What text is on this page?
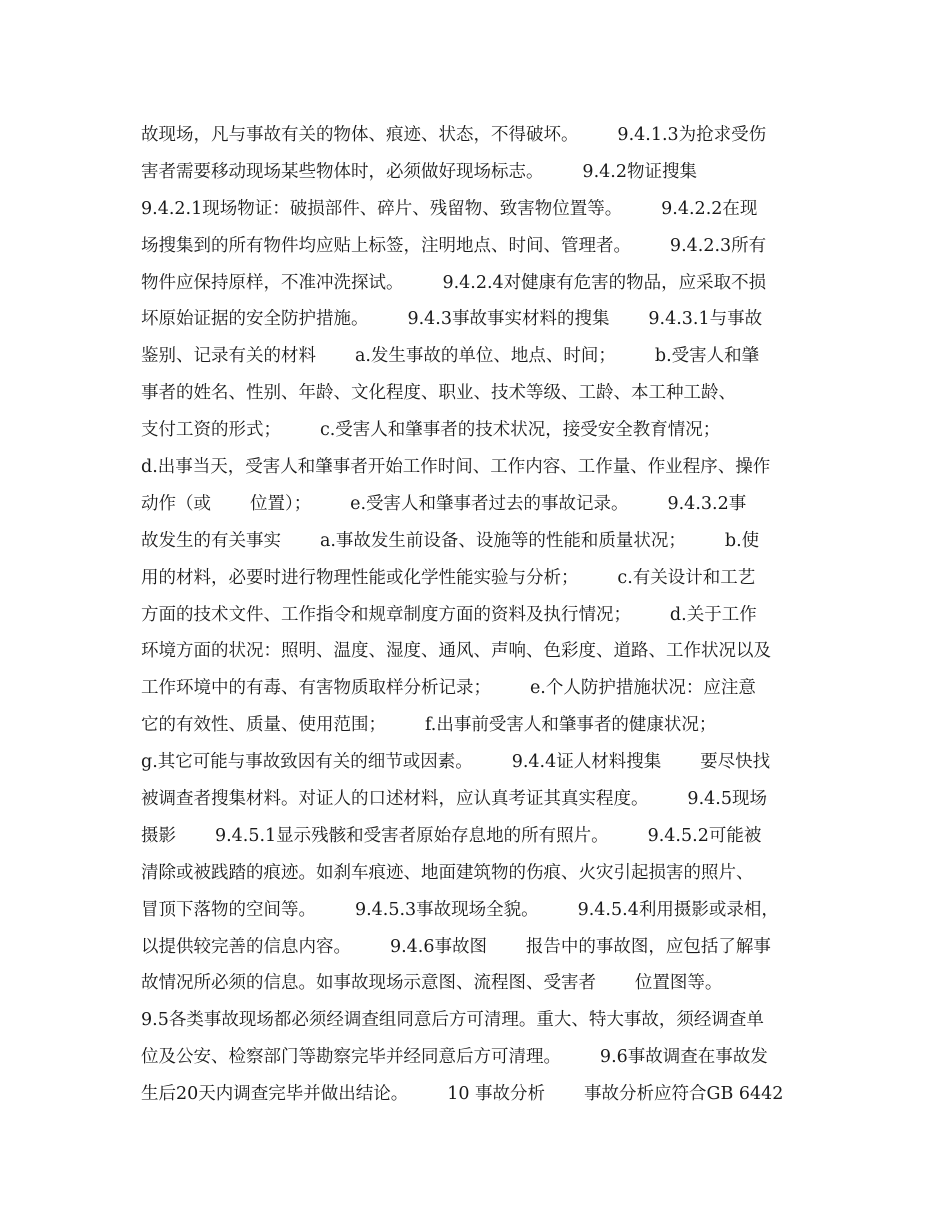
故现场，凡与事故有关的物体、痕迹、状态，不得破坏。       9.4.1.3为抢求受伤
害者需要移动现场某些物体时，必须做好现场标志。       9.4.2物证搜集
9.4.2.1现场物证：破损部件、碎片、残留物、致害物位置等。       9.4.2.2在现
场搜集到的所有物件均应贴上标签，注明地点、时间、管理者。       9.4.2.3所有
物件应保持原样，不准冲洗探试。       9.4.2.4对健康有危害的物品，应采取不损
坏原始证据的安全防护措施。       9.4.3事故事实材料的搜集       9.4.3.1与事故
鉴别、记录有关的材料       a.发生事故的单位、地点、时间；       b.受害人和肇
事者的姓名、性别、年龄、文化程度、职业、技术等级、工龄、本工种工龄、
支付工资的形式；       c.受害人和肇事者的技术状况，接受安全教育情况；
d.出事当天，受害人和肇事者开始工作时间、工作内容、工作量、作业程序、操作
动作（或       位置）；       e.受害人和肇事者过去的事故记录。       9.4.3.2事
故发生的有关事实       a.事故发生前设备、设施等的性能和质量状况；       b.使
用的材料，必要时进行物理性能或化学性能实验与分析；       c.有关设计和工艺
方面的技术文件、工作指令和规章制度方面的资料及执行情况；       d.关于工作
环境方面的状况：照明、温度、湿度、通风、声响、色彩度、道路、工作状况以及
工作环境中的有毒、有害物质取样分析记录；       e.个人防护措施状况：应注意
它的有效性、质量、使用范围；       f.出事前受害人和肇事者的健康状况；
g.其它可能与事故致因有关的细节或因素。       9.4.4证人材料搜集       要尽快找
被调查者搜集材料。对证人的口述材料，应认真考证其真实程度。       9.4.5现场
摄影       9.4.5.1显示残骸和受害者原始存息地的所有照片。       9.4.5.2可能被
清除或被践踏的痕迹。如刹车痕迹、地面建筑物的伤痕、火灾引起损害的照片、
冒顶下落物的空间等。       9.4.5.3事故现场全貌。       9.4.5.4利用摄影或录相，
以提供较完善的信息内容。       9.4.6事故图       报告中的事故图，应包括了解事
故情况所必须的信息。如事故现场示意图、流程图、受害者       位置图等。
9.5各类事故现场都必须经调查组同意后方可清理。重大、特大事故，须经调查单
位及公安、检察部门等勘察完毕并经同意后方可清理。       9.6事故调查在事故发
生后20天内调查完毕并做出结论。       10 事故分析       事故分析应符合GB 6442
